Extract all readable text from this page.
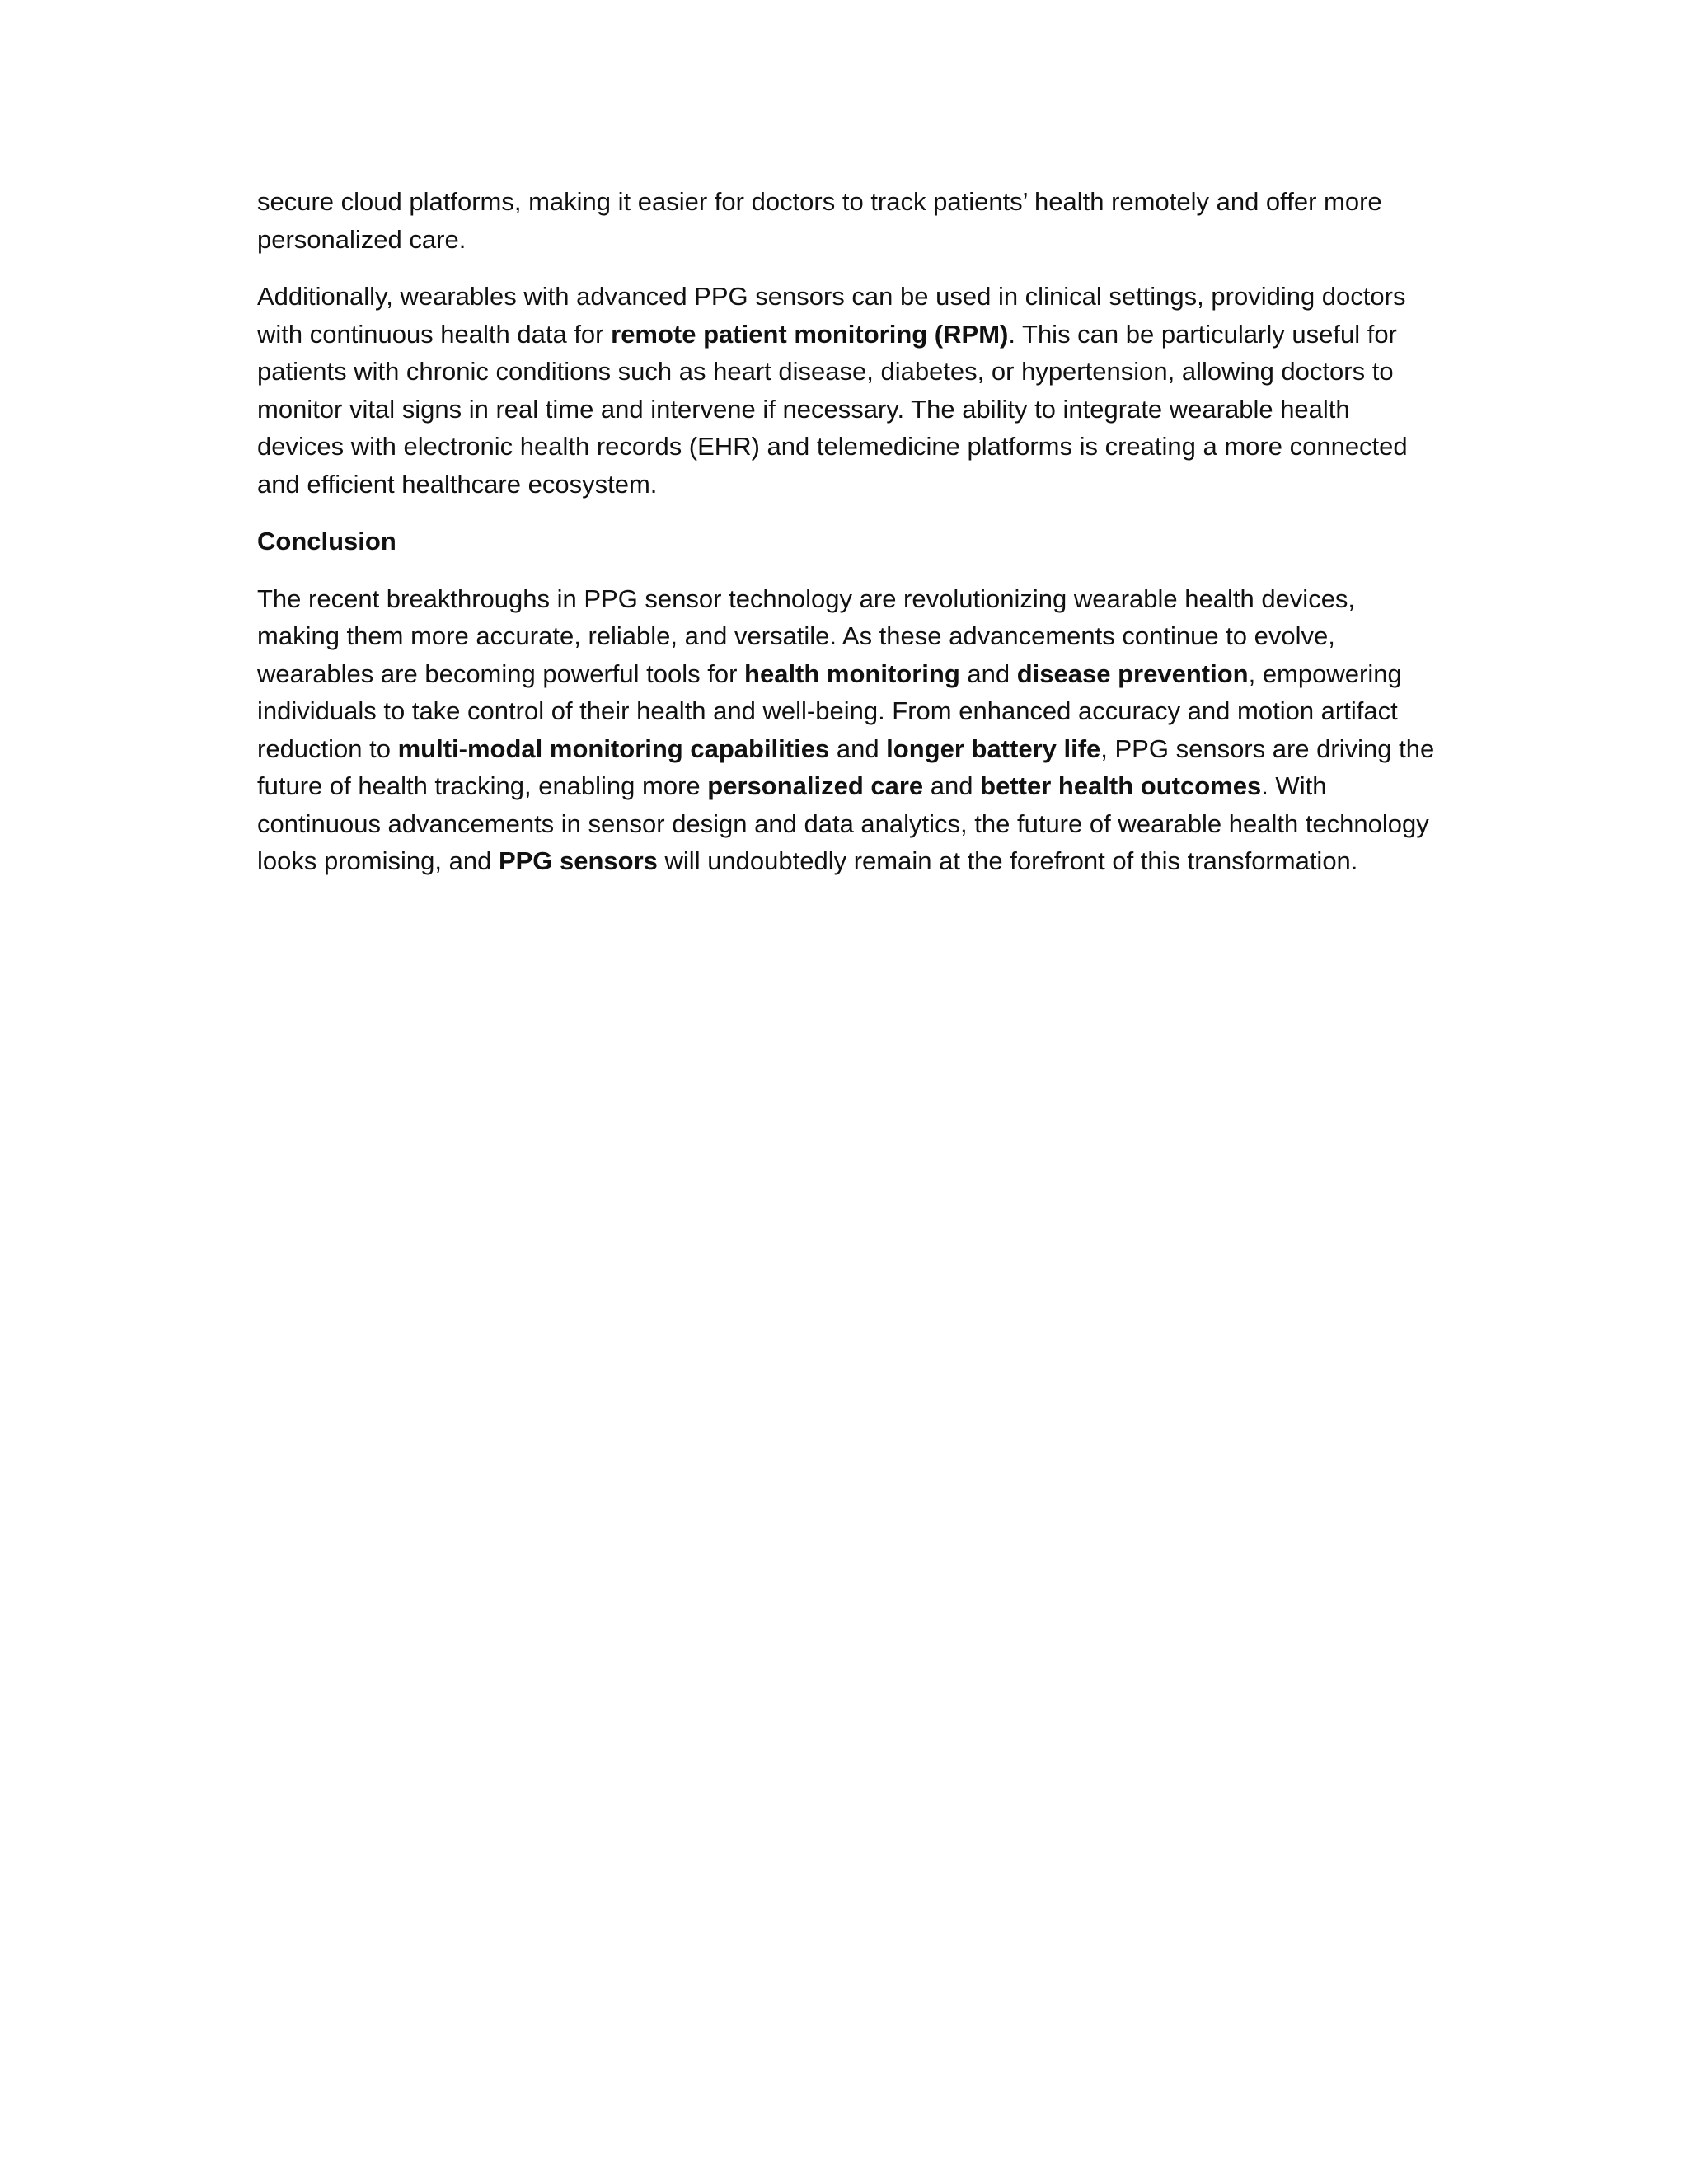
secure cloud platforms, making it easier for doctors to track patients’ health remotely and offer more personalized care.

Additionally, wearables with advanced PPG sensors can be used in clinical settings, providing doctors with continuous health data for remote patient monitoring (RPM). This can be particularly useful for patients with chronic conditions such as heart disease, diabetes, or hypertension, allowing doctors to monitor vital signs in real time and intervene if necessary. The ability to integrate wearable health devices with electronic health records (EHR) and telemedicine platforms is creating a more connected and efficient healthcare ecosystem.

Conclusion

The recent breakthroughs in PPG sensor technology are revolutionizing wearable health devices, making them more accurate, reliable, and versatile. As these advancements continue to evolve, wearables are becoming powerful tools for health monitoring and disease prevention, empowering individuals to take control of their health and well-being. From enhanced accuracy and motion artifact reduction to multi-modal monitoring capabilities and longer battery life, PPG sensors are driving the future of health tracking, enabling more personalized care and better health outcomes. With continuous advancements in sensor design and data analytics, the future of wearable health technology looks promising, and PPG sensors will undoubtedly remain at the forefront of this transformation.
